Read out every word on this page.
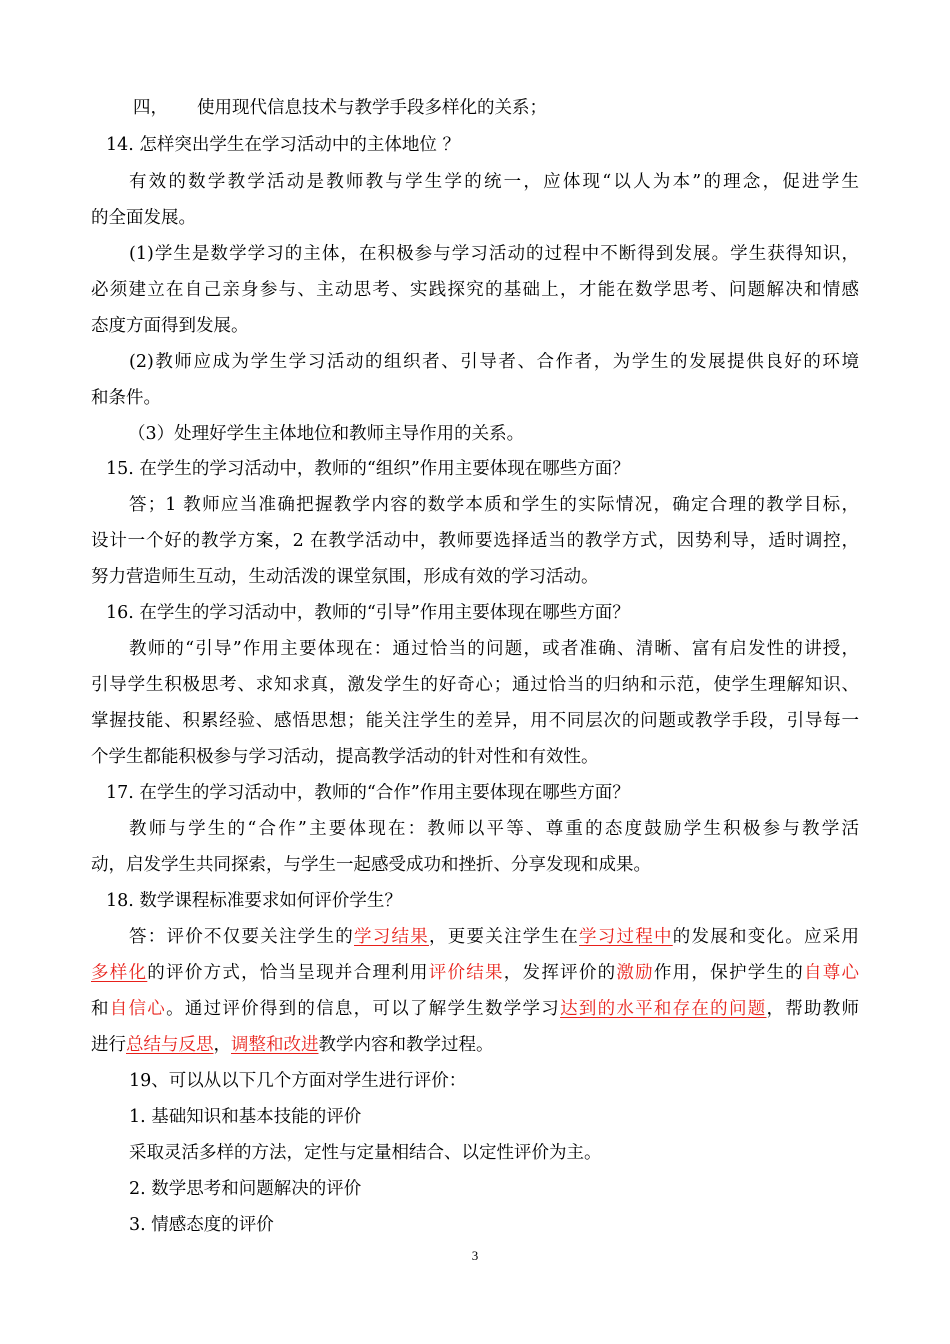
四， 使用现代信息技术与教学手段多样化的关系；
14. 怎样突出学生在学习活动中的主体地位 ？
有效的数学教学活动是教师教与学生学的统一，应体现“以人为本”的理念，促进学生
的全面发展。
(1)学生是数学学习的主体，在积极参与学习活动的过程中不断得到发展。学生获得知识，
必须建立在自己亲身参与、主动思考、实践探究的基础上，才能在数学思考、问题解决和情感
态度方面得到发展。
(2)教师应成为学生学习活动的组织者、引导者、合作者，为学生的发展提供良好的环境
和条件。
（3）处理好学生主体地位和教师主导作用的关系。
15. 在学生的学习活动中，教师的“组织”作用主要体现在哪些方面？
答；1 教师应当准确把握教学内容的数学本质和学生的实际情况，确定合理的教学目标，
设计一个好的教学方案，2 在教学活动中，教师要选择适当的教学方式，因势利导，适时调控，
努力营造师生互动，生动活泼的课堂氛围，形成有效的学习活动。
16. 在学生的学习活动中，教师的“引导”作用主要体现在哪些方面？
教师的“引导”作用主要体现在：通过恰当的问题，或者准确、清晰、富有启发性的讲授，
引导学生积极思考、求知求真，激发学生的好奇心；通过恰当的归纳和示范，使学生理解知识、
掌握技能、积累经验、感悟思想；能关注学生的差异，用不同层次的问题或教学手段，引导每一
个学生都能积极参与学习活动，提高教学活动的针对性和有效性。
17. 在学生的学习活动中，教师的“合作”作用主要体现在哪些方面？
教师与学生的“合作”主要体现在：教师以平等、尊重的态度鼓励学生积极参与教学活
动，启发学生共同探索，与学生一起感受成功和挫折、分享发现和成果。
18. 数学课程标准要求如何评价学生？
答：评价不仅要关注学生的学习结果，更要关注学生在学习过程中的发展和变化。应采用
多样化的评价方式，恰当呈现并合理利用评价结果，发挥评价的激励作用，保护学生的自尊心
和自信心。通过评价得到的信息，可以了解学生数学学习达到的水平和存在的问题，帮助教师
进行总结与反思，调整和改进教学内容和教学过程。
19、可以从以下几个方面对学生进行评价：
1. 基础知识和基本技能的评价
采取灵活多样的方法，定性与定量相结合、以定性评价为主。
2. 数学思考和问题解决的评价
3. 情感态度的评价
3
